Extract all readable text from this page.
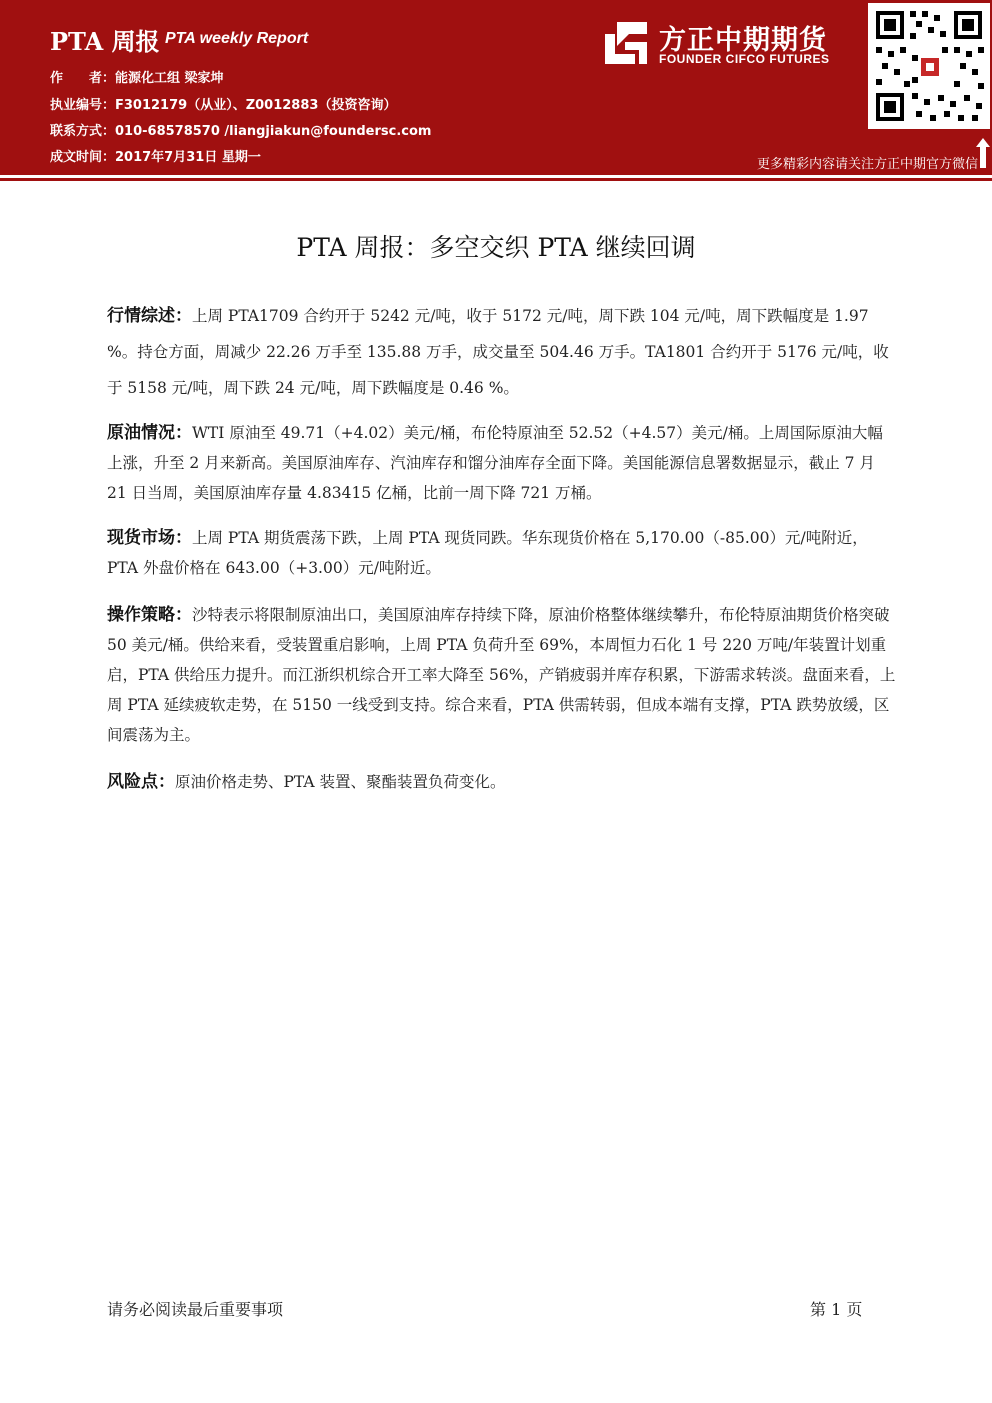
PTA 周报 PTA weekly Report
作　　者：能源化工组 梁家坤
执业编号：F3012179（从业）、Z0012883（投资咨询）
联系方式：010-68578570 /liangjiakun@foundersc.com
成文时间：2017年7月31日 星期一
方正中期期货
FOUNDER CIFCO FUTURES
更多精彩内容请关注方正中期官方微信
PTA 周报：多空交织 PTA 继续回调
行情综述：上周 PTA1709 合约开于 5242 元/吨，收于 5172 元/吨，周下跌 104 元/吨，周下跌幅度是 1.97 %。持仓方面，周减少 22.26 万手至 135.88 万手，成交量至 504.46 万手。TA1801 合约开于 5176 元/吨，收于 5158 元/吨，周下跌 24 元/吨，周下跌幅度是 0.46 %。
原油情况：WTI 原油至 49.71（+4.02）美元/桶，布伦特原油至 52.52（+4.57）美元/桶。上周国际原油大幅上涨，升至 2 月来新高。美国原油库存、汽油库存和馏分油库存全面下降。美国能源信息署数据显示，截止 7 月 21 日当周，美国原油库存量 4.83415 亿桶，比前一周下降 721 万桶。
现货市场：上周 PTA 期货震荡下跌，上周 PTA 现货同跌。华东现货价格在 5,170.00（-85.00）元/吨附近，PTA 外盘价格在 643.00（+3.00）元/吨附近。
操作策略：沙特表示将限制原油出口，美国原油库存持续下降，原油价格整体继续攀升，布伦特原油期货价格突破 50 美元/桶。供给来看，受装置重启影响，上周 PTA 负荷升至 69%，本周恒力石化 1 号 220 万吨/年装置计划重启，PTA 供给压力提升。而江浙织机综合开工率大降至 56%，产销疲弱并库存积累，下游需求转淡。盘面来看，上周 PTA 延续疲软走势，在 5150 一线受到支持。综合来看，PTA 供需转弱，但成本端有支撑，PTA 跌势放缓，区间震荡为主。
风险点：原油价格走势、PTA 装置、聚酯装置负荷变化。
请务必阅读最后重要事项	第 1 页
